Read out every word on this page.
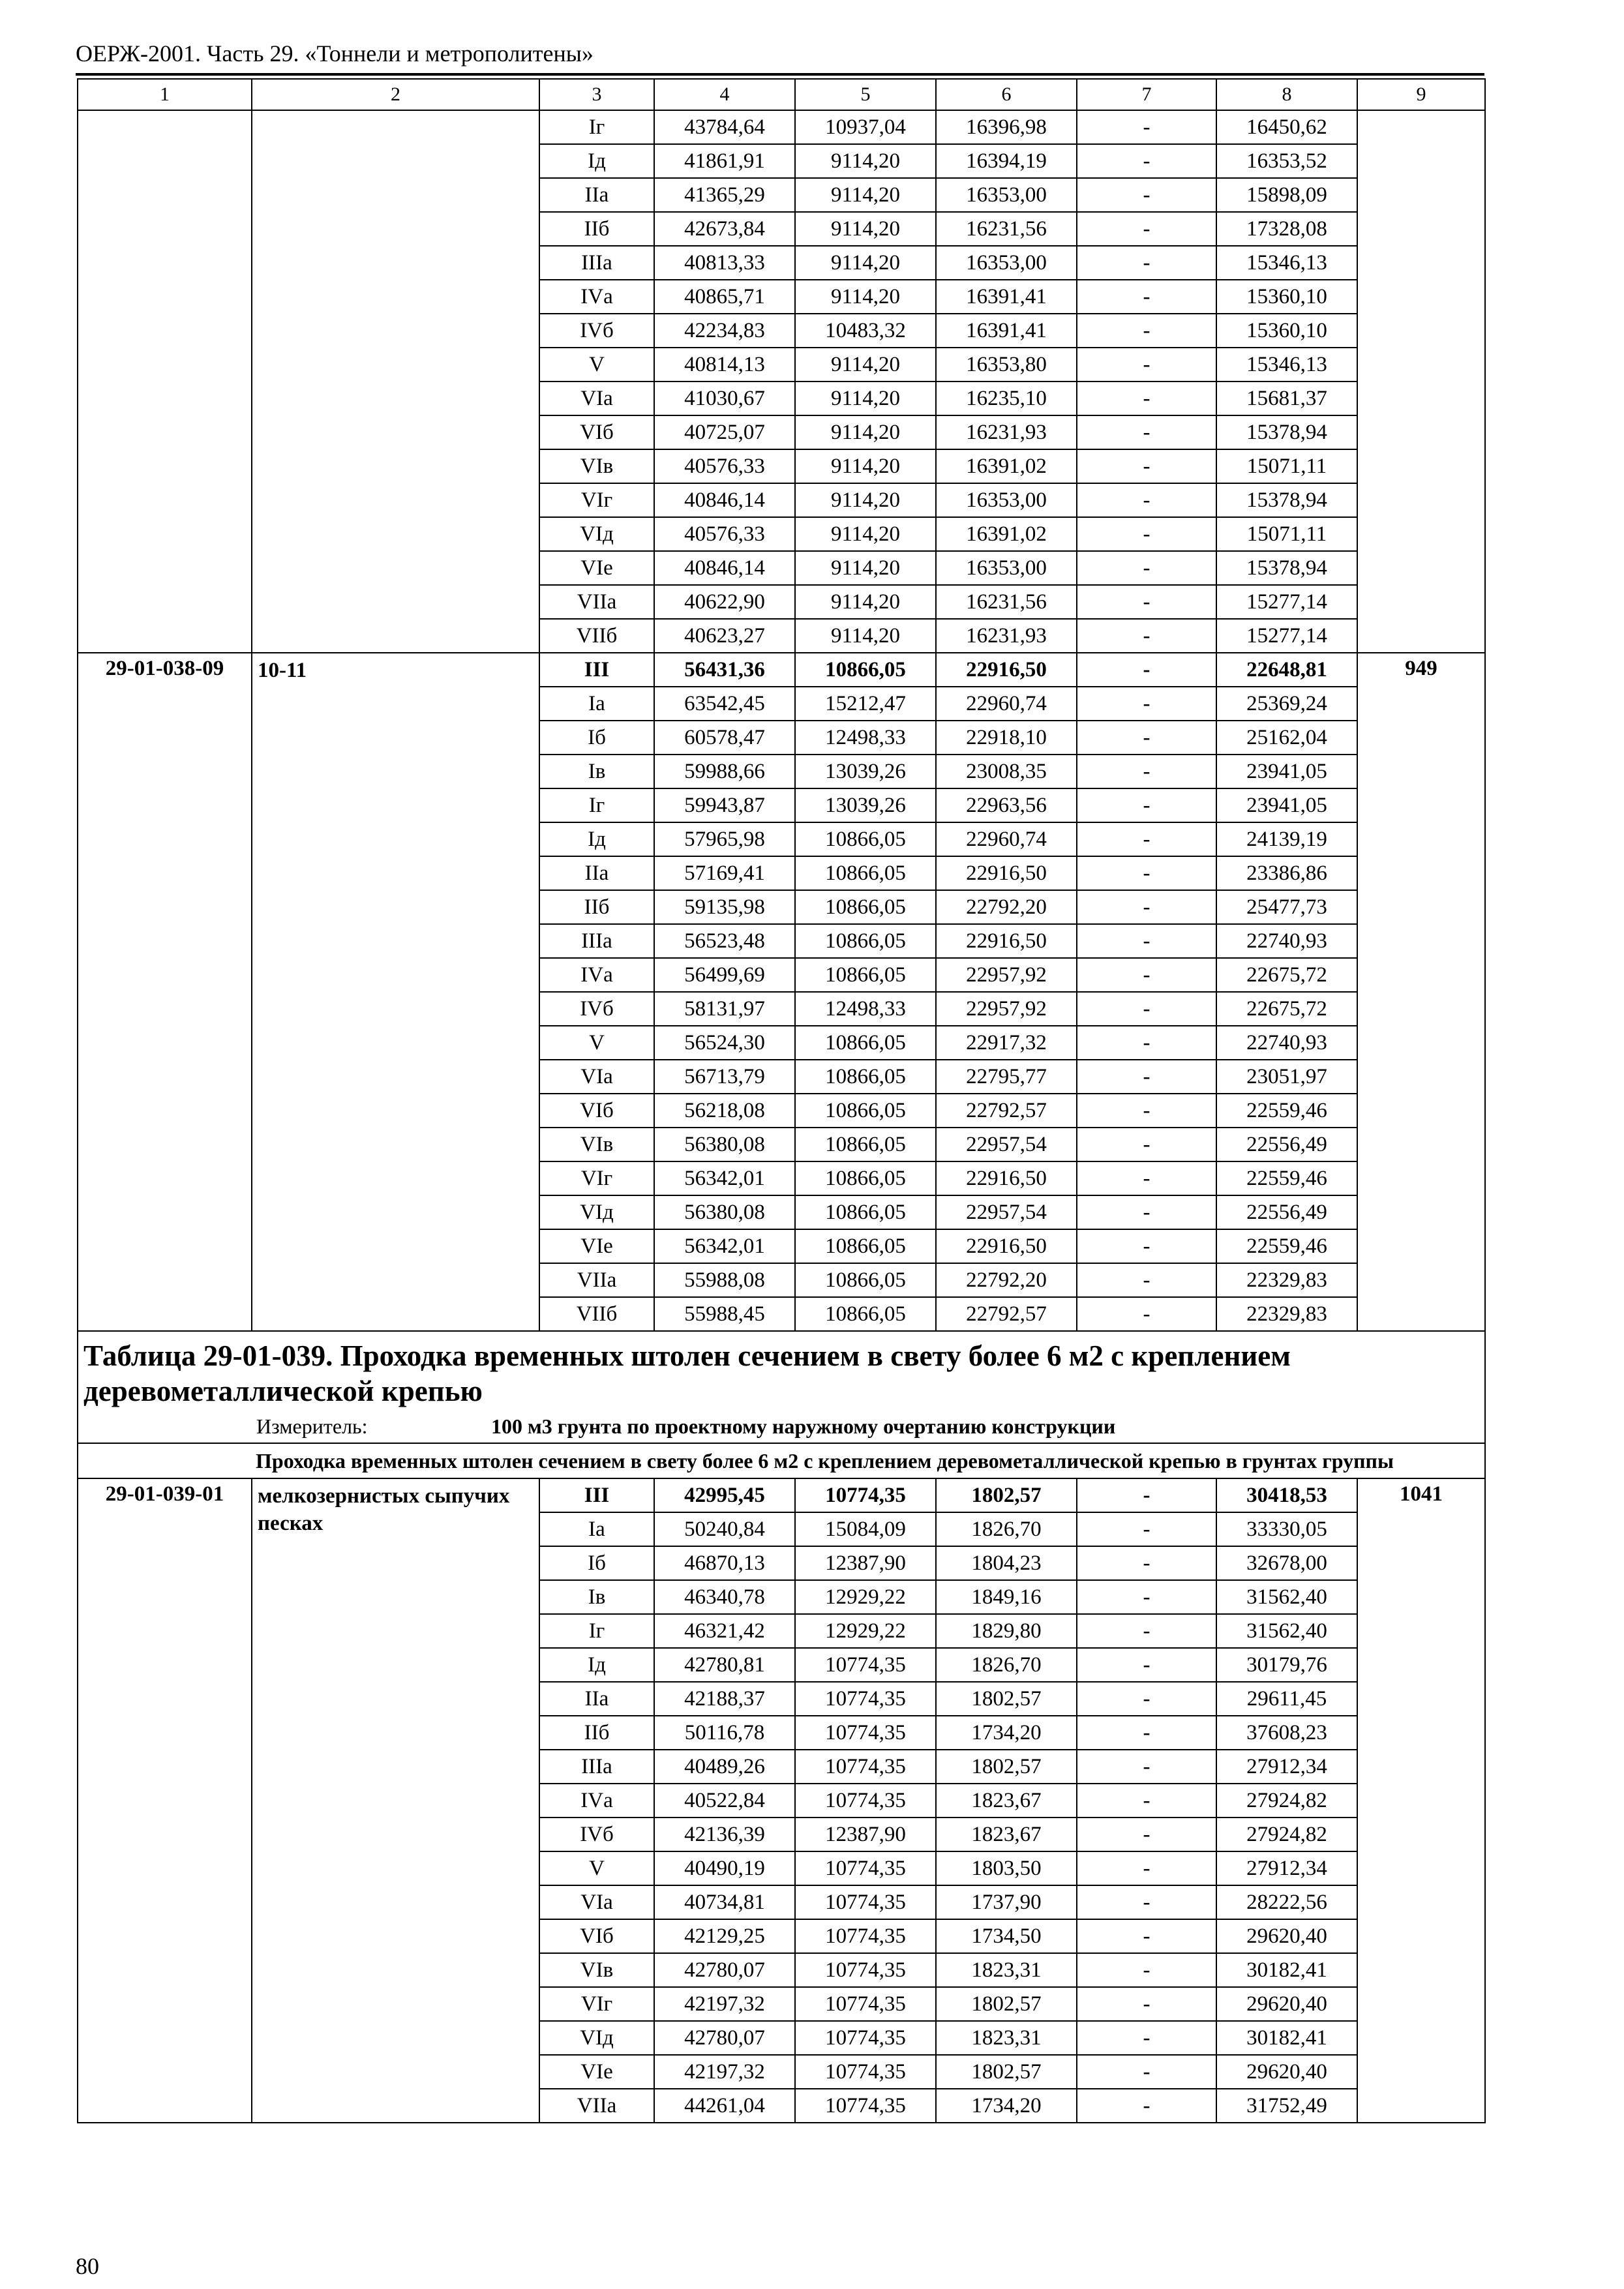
ОЕРЖ-2001. Часть 29. «Тоннели и метрополитены»
1	2	3	4	5	6	7	8	9
		Iг	43784,64	10937,04	16396,98	-	16450,62	
		Iд	41861,91	9114,20	16394,19	-	16353,52	
		IIа	41365,29	9114,20	16353,00	-	15898,09	
		IIб	42673,84	9114,20	16231,56	-	17328,08	
		IIIа	40813,33	9114,20	16353,00	-	15346,13	
		IVа	40865,71	9114,20	16391,41	-	15360,10	
		IVб	42234,83	10483,32	16391,41	-	15360,10	
		V	40814,13	9114,20	16353,80	-	15346,13	
		VIа	41030,67	9114,20	16235,10	-	15681,37	
		VIб	40725,07	9114,20	16231,93	-	15378,94	
		VIв	40576,33	9114,20	16391,02	-	15071,11	
		VIг	40846,14	9114,20	16353,00	-	15378,94	
		VIд	40576,33	9114,20	16391,02	-	15071,11	
		VIе	40846,14	9114,20	16353,00	-	15378,94	
		VIIа	40622,90	9114,20	16231,56	-	15277,14	
		VIIб	40623,27	9114,20	16231,93	-	15277,14	
29-01-038-09	10-11	III	56431,36	10866,05	22916,50	-	22648,81	949
		Iа	63542,45	15212,47	22960,74	-	25369,24	
		Iб	60578,47	12498,33	22918,10	-	25162,04	
		Iв	59988,66	13039,26	23008,35	-	23941,05	
		Iг	59943,87	13039,26	22963,56	-	23941,05	
		Iд	57965,98	10866,05	22960,74	-	24139,19	
		IIа	57169,41	10866,05	22916,50	-	23386,86	
		IIб	59135,98	10866,05	22792,20	-	25477,73	
		IIIа	56523,48	10866,05	22916,50	-	22740,93	
		IVа	56499,69	10866,05	22957,92	-	22675,72	
		IVб	58131,97	12498,33	22957,92	-	22675,72	
		V	56524,30	10866,05	22917,32	-	22740,93	
		VIа	56713,79	10866,05	22795,77	-	23051,97	
		VIб	56218,08	10866,05	22792,57	-	22559,46	
		VIв	56380,08	10866,05	22957,54	-	22556,49	
		VIг	56342,01	10866,05	22916,50	-	22559,46	
		VIд	56380,08	10866,05	22957,54	-	22556,49	
		VIе	56342,01	10866,05	22916,50	-	22559,46	
		VIIа	55988,08	10866,05	22792,20	-	22329,83	
		VIIб	55988,45	10866,05	22792,57	-	22329,83	

Таблица 29-01-039. Проходка временных штолен сечением в свету более 6 м2 с креплением деревометаллической крепью
Измеритель: 100 м3 грунта по проектному наружному очертанию конструкции								

Проходка временных штолен сечением в свету более 6 м2 с креплением деревометаллической крепью в грунтах группы								
29-01-039-01	мелкозернистых сыпучих песках	III	42995,45	10774,35	1802,57	-	30418,53	1041
		Iа	50240,84	15084,09	1826,70	-	33330,05	
		Iб	46870,13	12387,90	1804,23	-	32678,00	
		Iв	46340,78	12929,22	1849,16	-	31562,40	
		Iг	46321,42	12929,22	1829,80	-	31562,40	
		Iд	42780,81	10774,35	1826,70	-	30179,76	
		IIа	42188,37	10774,35	1802,57	-	29611,45	
		IIб	50116,78	10774,35	1734,20	-	37608,23	
		IIIа	40489,26	10774,35	1802,57	-	27912,34	
		IVа	40522,84	10774,35	1823,67	-	27924,82	
		IVб	42136,39	12387,90	1823,67	-	27924,82	
		V	40490,19	10774,35	1803,50	-	27912,34	
		VIа	40734,81	10774,35	1737,90	-	28222,56	
		VIб	42129,25	10774,35	1734,50	-	29620,40	
		VIв	42780,07	10774,35	1823,31	-	30182,41	
		VIг	42197,32	10774,35	1802,57	-	29620,40	
		VIд	42780,07	10774,35	1823,31	-	30182,41	
		VIе	42197,32	10774,35	1802,57	-	29620,40	
		VIIа	44261,04	10774,35	1734,20	-	31752,49	
80
